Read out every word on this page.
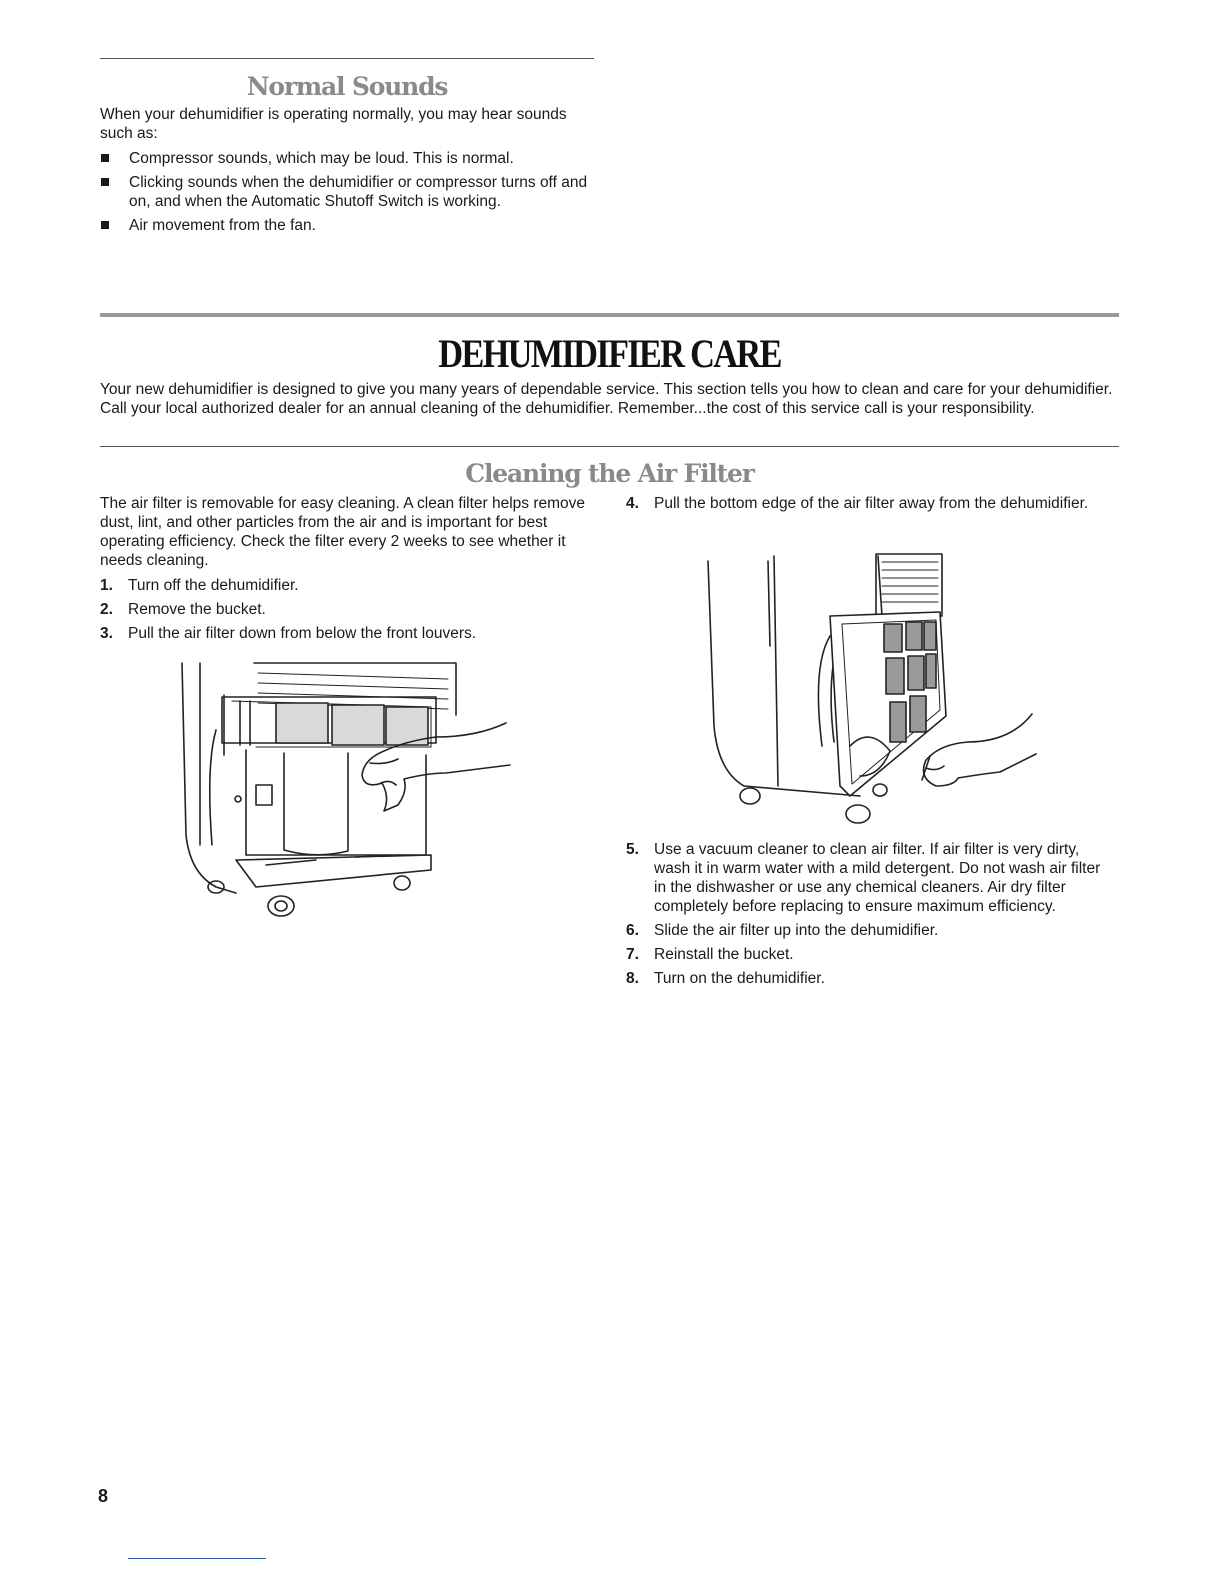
Normal Sounds

When your dehumidifier is operating normally, you may hear sounds such as:

Compressor sounds, which may be loud. This is normal.
Clicking sounds when the dehumidifier or compressor turns off and on, and when the Automatic Shutoff Switch is working.
Air movement from the fan.
DEHUMIDIFIER CARE

Your new dehumidifier is designed to give you many years of dependable service. This section tells you how to clean and care for your dehumidifier. Call your local authorized dealer for an annual cleaning of the dehumidifier. Remember...the cost of this service call is your responsibility.

Cleaning the Air Filter

The air filter is removable for easy cleaning. A clean filter helps remove dust, lint, and other particles from the air and is important for best operating efficiency. Check the filter every 2 weeks to see whether it needs cleaning.

1. Turn off the dehumidifier.
2. Remove the bucket.
3. Pull the air filter down from below the front louvers.
4. Pull the bottom edge of the air filter away from the dehumidifier.
5. Use a vacuum cleaner to clean air filter. If air filter is very dirty, wash it in warm water with a mild detergent. Do not wash air filter in the dishwasher or use any chemical cleaners. Air dry filter completely before replacing to ensure maximum efficiency.
6. Slide the air filter up into the dehumidifier.
7. Reinstall the bucket.
8. Turn on the dehumidifier.
8
